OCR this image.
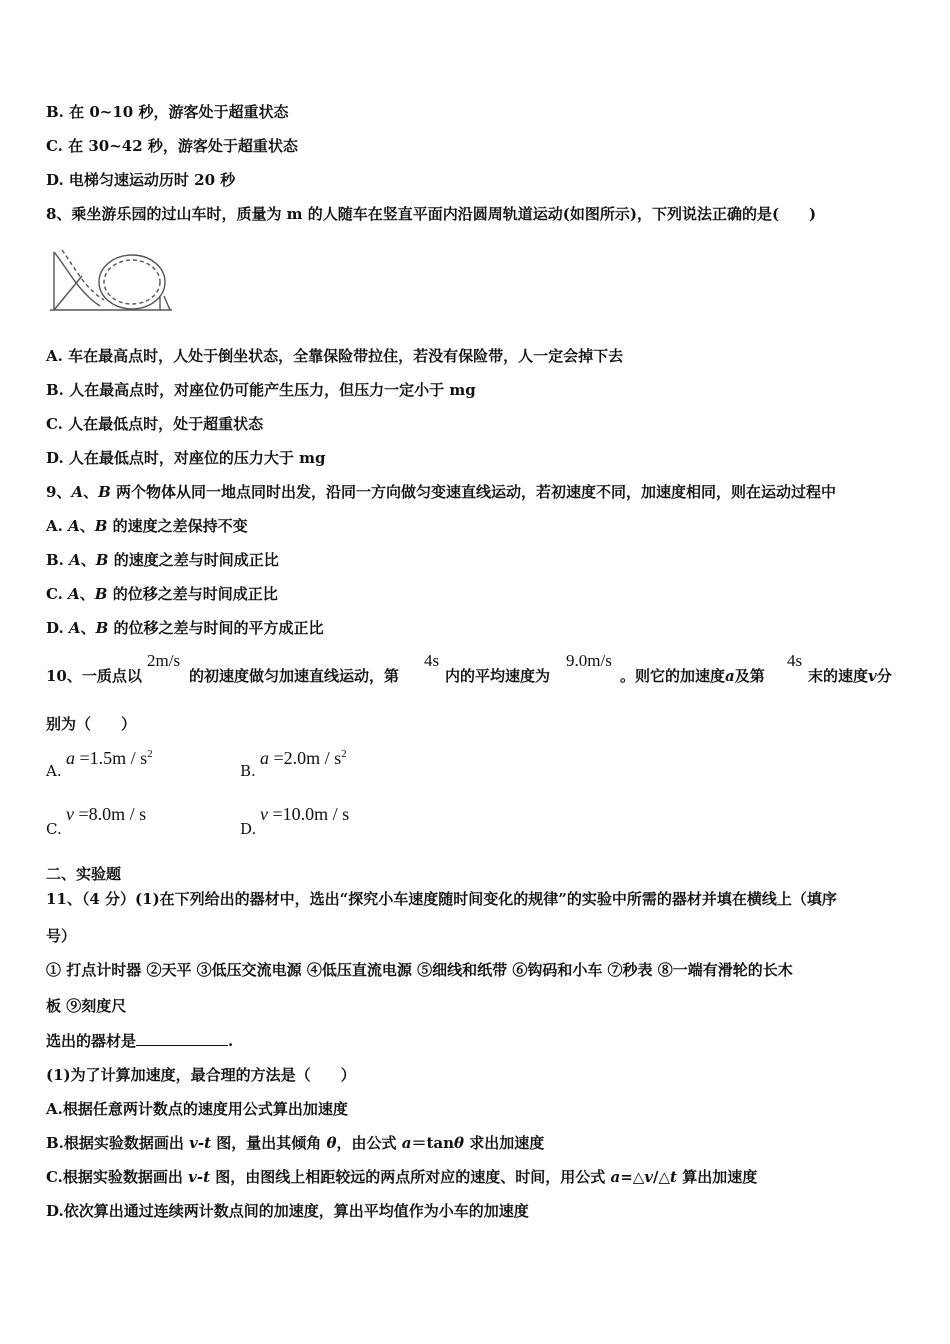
B. 在 0~10 秒，游客处于超重状态
C. 在 30~42 秒，游客处于超重状态
D. 电梯匀速运动历时 20 秒
8、乘坐游乐园的过山车时，质量为 m 的人随车在竖直平面内沿圆周轨道运动(如图所示)，下列说法正确的是(　　)
A. 车在最高点时，人处于倒坐状态，全靠保险带拉住，若没有保险带，人一定会掉下去
B. 人在最高点时，对座位仍可能产生压力，但压力一定小于 mg
C. 人在最低点时，处于超重状态
D. 人在最低点时，对座位的压力大于 mg
9、A、B 两个物体从同一地点同时出发，沿同一方向做匀变速直线运动，若初速度不同，加速度相同，则在运动过程中
A. A、B 的速度之差保持不变
B. A、B 的速度之差与时间成正比
C. A、B 的位移之差与时间成正比
D. A、B 的位移之差与时间的平方成正比
10、一质点以
2m/s
的初速度做匀加速直线运动，第
4s
内的平均速度为
9.0m/s
。则它的加速度a及第
4s
末的速度v分
别为（　　）
A.
$a =1.5m / s^2$
B.
$a =2.0m / s^2$
C.
v =8.0m / s
D.
v =10.0m / s
二、实验题
11、（4 分）(1)在下列给出的器材中，选出“探究小车速度随时间变化的规律”的实验中所需的器材并填在横线上（填序
号）
① 打点计时器 ②天平 ③低压交流电源 ④低压直流电源 ⑤细线和纸带 ⑥钩码和小车 ⑦秒表 ⑧一端有滑轮的长木
板 ⑨刻度尺
选出的器材是	.
(1)为了计算加速度，最合理的方法是（　　）
A.根据任意两计数点的速度用公式算出加速度
B.根据实验数据画出 v-t 图，量出其倾角 θ，由公式 a＝tanθ 求出加速度
C.根据实验数据画出 v-t 图，由图线上相距较远的两点所对应的速度、时间，用公式 a=△v/△t 算出加速度
D.依次算出通过连续两计数点间的加速度，算出平均值作为小车的加速度
